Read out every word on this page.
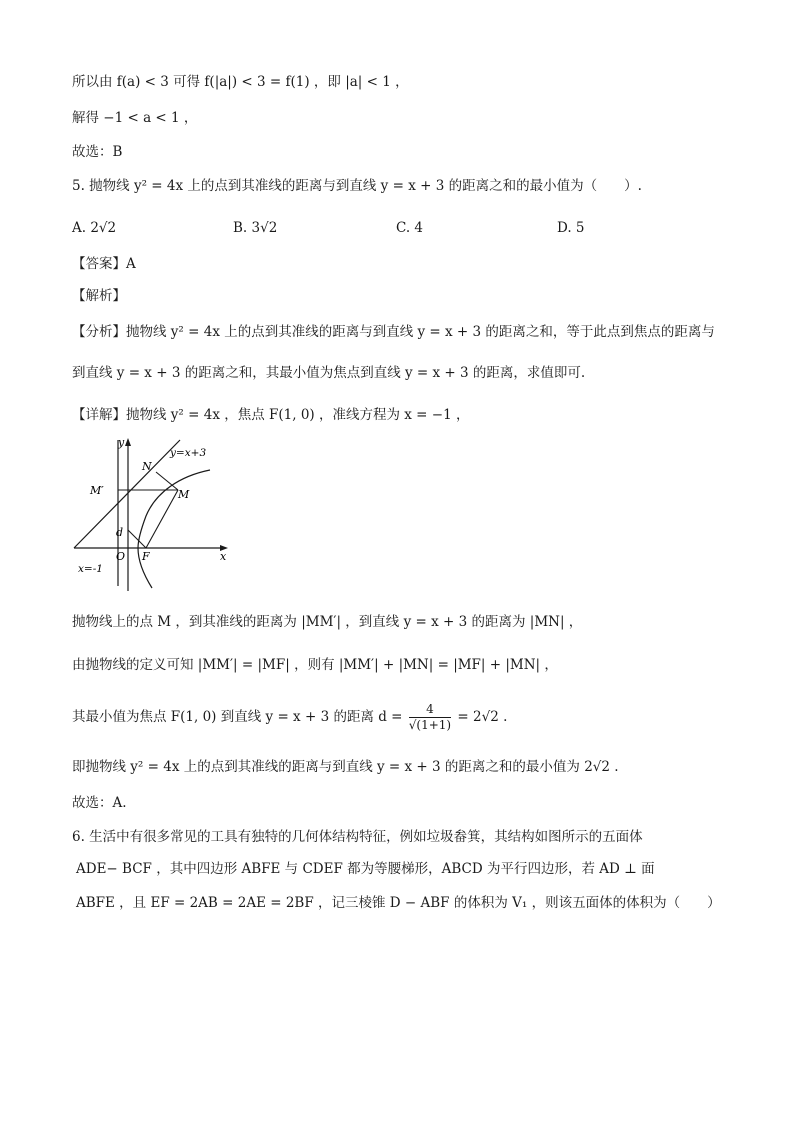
所以由 f(a) < 3 可得 f(|a|) < 3 = f(1) ，即 |a| < 1 ，
解得 −1 < a < 1 ，
故选：B
5. 抛物线 y² = 4x 上的点到其准线的距离与到直线 y = x + 3 的距离之和的最小值为（　　）.
A. 2√2	B. 3√2	C. 4	D. 5
【答案】A
【解析】
【分析】抛物线 y² = 4x 上的点到其准线的距离与到直线 y = x + 3 的距离之和，等于此点到焦点的距离与
到直线 y = x + 3 的距离之和，其最小值为焦点到直线 y = x + 3 的距离，求值即可.
【详解】抛物线 y² = 4x ，焦点 F(1, 0) ，准线方程为 x = −1 ，
y
x
y=x+3
N
M
M′
d
O F
x=-1
抛物线上的点 M ，到其准线的距离为 |MM′| ，到直线 y = x + 3 的距离为 |MN| ，
由抛物线的定义可知 |MM′| = |MF| ，则有 |MM′| + |MN| = |MF| + |MN| ，
其最小值为焦点 F(1, 0) 到直线 y = x + 3 的距离 $d = \frac{4}{√(1+1)} = 2√2$ .
即抛物线 y² = 4x 上的点到其准线的距离与到直线 y = x + 3 的距离之和的最小值为 2√2 .
故选：A.
6. 生活中有很多常见的工具有独特的几何体结构特征，例如垃圾畚箕，其结构如图所示的五面体
ADE− BCF ，其中四边形 ABFE 与 CDEF 都为等腰梯形，ABCD 为平行四边形，若 AD ⊥ 面
ABFE ，且 EF = 2AB = 2AE = 2BF ，记三棱锥 D − ABF 的体积为 V₁ ，则该五面体的体积为（　　）
